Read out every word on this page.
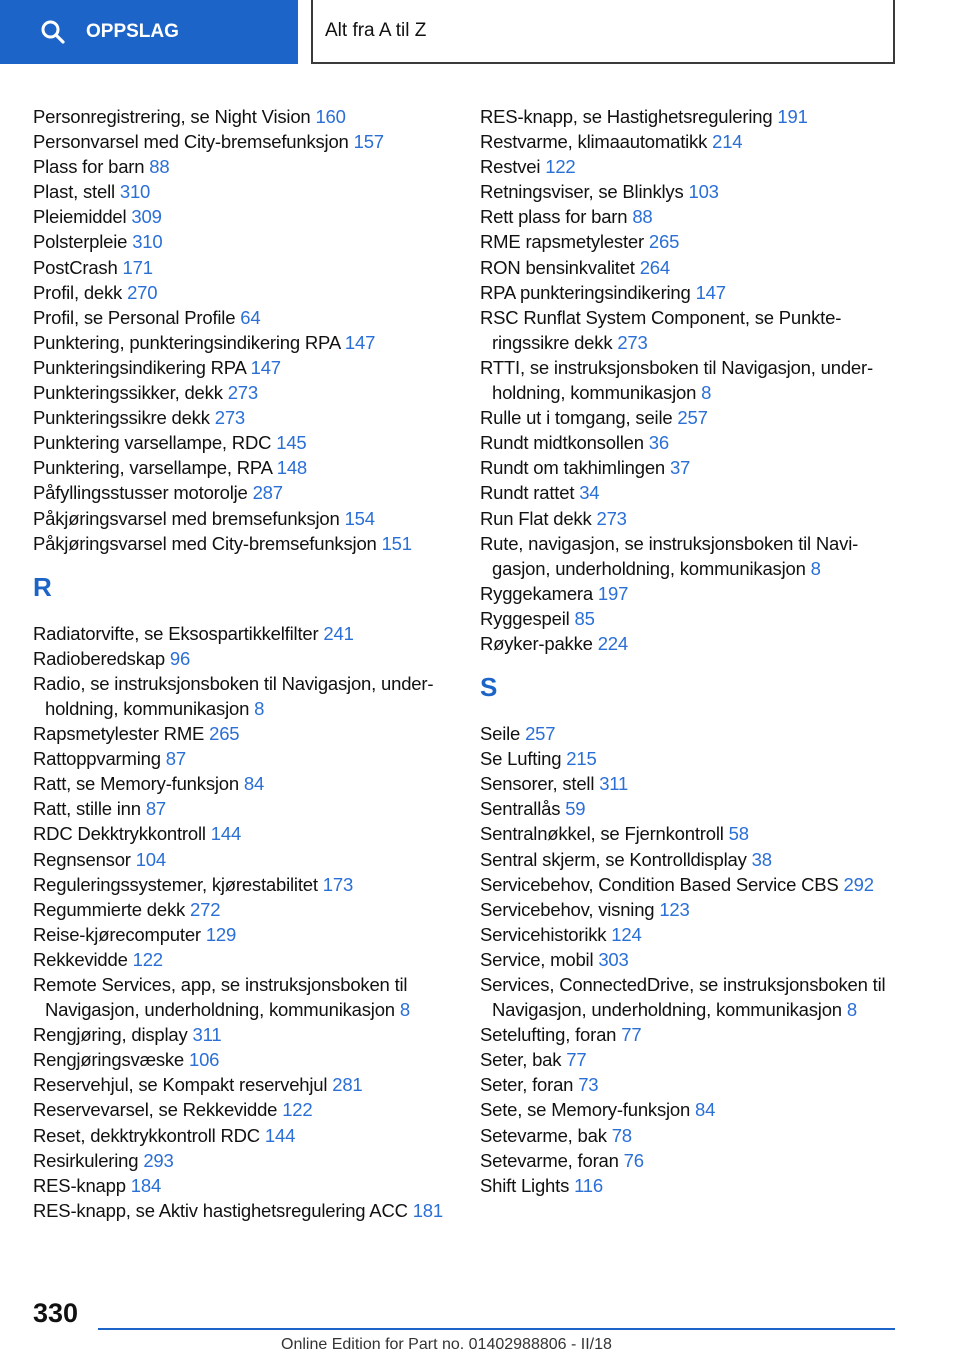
OPPSLAG	Alt fra A til Z
Personregistrering, se Night Vision 160
Personvarsel med City-bremsefunksjon 157
Plass for barn 88
Plast, stell 310
Pleiemiddel 309
Polsterpleie 310
PostCrash 171
Profil, dekk 270
Profil, se Personal Profile 64
Punktering, punkteringsindikering RPA 147
Punkteringsindikering RPA 147
Punkteringssikker, dekk 273
Punkteringssikre dekk 273
Punktering varsellampe, RDC 145
Punktering, varsellampe, RPA 148
Påfyllingsstusser motorolje 287
Påkjøringsvarsel med bremsefunksjon 154
Påkjøringsvarsel med City-bremsefunksjon 151
R
Radiatorvifte, se Eksospartikkelfilter 241
Radioberedskap 96
Radio, se instruksjonsboken til Navigasjon, underholdning, kommunikasjon 8
Rapsmetylester RME 265
Rattoppvarming 87
Ratt, se Memory-funksjon 84
Ratt, stille inn 87
RDC Dekktrykkontroll 144
Regnsensor 104
Reguleringssystemer, kjørestabilitet 173
Regummierte dekk 272
Reise-kjørecomputer 129
Rekkevidde 122
Remote Services, app, se instruksjonsboken til Navigasjon, underholdning, kommunikasjon 8
Rengjøring, display 311
Rengjøringsvæske 106
Reservehjul, se Kompakt reservehjul 281
Reservevarsel, se Rekkevidde 122
Reset, dekktrykkontroll RDC 144
Resirkulering 293
RES-knapp 184
RES-knapp, se Aktiv hastighetsregulering ACC 181
RES-knapp, se Hastighetsregulering 191
Restvarme, klimaautomatikk 214
Restvei 122
Retningsviser, se Blinklys 103
Rett plass for barn 88
RME rapsmetylester 265
RON bensinkvalitet 264
RPA punkteringsindikering 147
RSC Runflat System Component, se Punkteringssikre dekk 273
RTTI, se instruksjonsboken til Navigasjon, underholdning, kommunikasjon 8
Rulle ut i tomgang, seile 257
Rundt midtkonsollen 36
Rundt om takhimlingen 37
Rundt rattet 34
Run Flat dekk 273
Rute, navigasjon, se instruksjonsboken til Navigasjon, underholdning, kommunikasjon 8
Ryggekamera 197
Ryggespeil 85
Røyker-pakke 224
S
Seile 257
Se Lufting 215
Sensorer, stell 311
Sentrallås 59
Sentralnøkkel, se Fjernkontroll 58
Sentral skjerm, se Kontrolldisplay 38
Servicebehov, Condition Based Service CBS 292
Servicebehov, visning 123
Servicehistorikk 124
Service, mobil 303
Services, ConnectedDrive, se instruksjonsboken til Navigasjon, underholdning, kommunikasjon 8
Setelufting, foran 77
Seter, bak 77
Seter, foran 73
Sete, se Memory-funksjon 84
Setevarme, bak 78
Setevarme, foran 76
Shift Lights 116
330
Online Edition for Part no. 01402988806 - II/18
